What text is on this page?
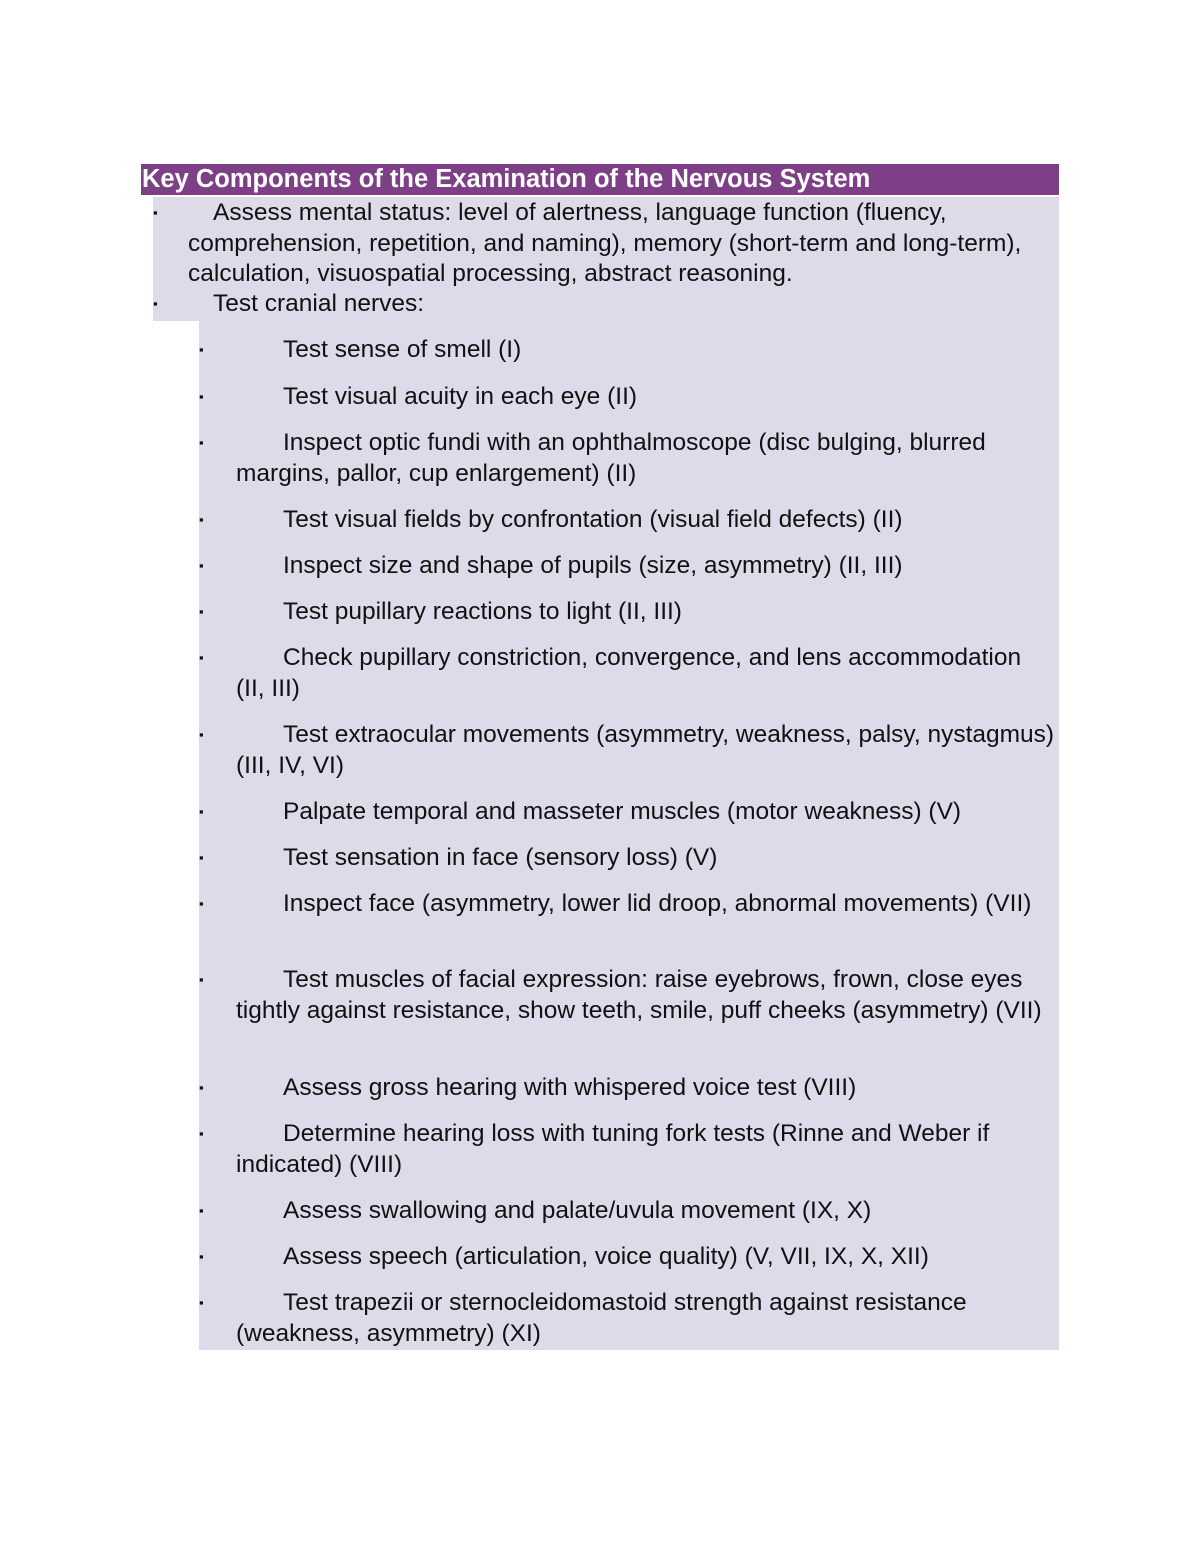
Key Components of the Examination of the Nervous System
▪	Assess mental status: level of alertness, language function (fluency, comprehension, repetition, and naming), memory (short-term and long-term), calculation, visuospatial processing, abstract reasoning.
▪	Test cranial nerves:
▪	Test sense of smell (I)
▪	Test visual acuity in each eye (II)
▪	Inspect optic fundi with an ophthalmoscope (disc bulging, blurred margins, pallor, cup enlargement) (II)
▪	Test visual fields by confrontation (visual field defects) (II)
▪	Inspect size and shape of pupils (size, asymmetry) (II, III)
▪	Test pupillary reactions to light (II, III)
▪	Check pupillary constriction, convergence, and lens accommodation (II, III)
▪	Test extraocular movements (asymmetry, weakness, palsy, nystagmus) (III, IV, VI)
▪	Palpate temporal and masseter muscles (motor weakness) (V)
▪	Test sensation in face (sensory loss) (V)
▪	Inspect face (asymmetry, lower lid droop, abnormal movements) (VII)
▪	Test muscles of facial expression: raise eyebrows, frown, close eyes tightly against resistance, show teeth, smile, puff cheeks (asymmetry) (VII)
▪	Assess gross hearing with whispered voice test (VIII)
▪	Determine hearing loss with tuning fork tests (Rinne and Weber if indicated) (VIII)
▪	Assess swallowing and palate/uvula movement (IX, X)
▪	Assess speech (articulation, voice quality) (V, VII, IX, X, XII)
▪	Test trapezii or sternocleidomastoid strength against resistance (weakness, asymmetry) (XI)
